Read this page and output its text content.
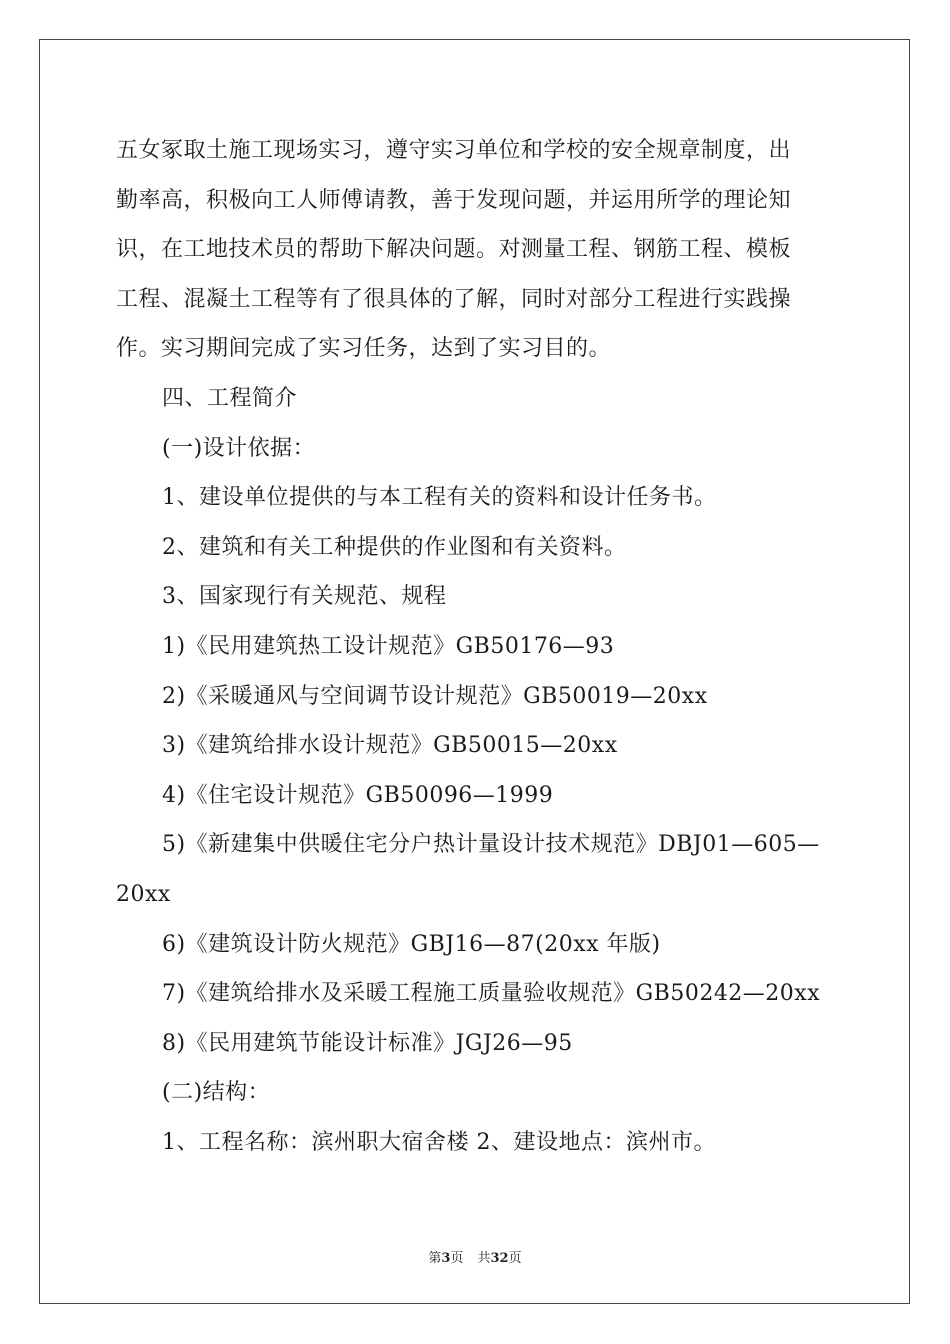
五女冢取土施工现场实习，遵守实习单位和学校的安全规章制度，出
勤率高，积极向工人师傅请教，善于发现问题，并运用所学的理论知
识，在工地技术员的帮助下解决问题。对测量工程、钢筋工程、模板
工程、混凝土工程等有了很具体的了解，同时对部分工程进行实践操
作。实习期间完成了实习任务，达到了实习目的。
四、工程简介
(一)设计依据：
1、建设单位提供的与本工程有关的资料和设计任务书。
2、建筑和有关工种提供的作业图和有关资料。
3、国家现行有关规范、规程
1)《民用建筑热工设计规范》GB50176—93
2)《采暖通风与空间调节设计规范》GB50019—20xx
3)《建筑给排水设计规范》GB50015—20xx
4)《住宅设计规范》GB50096—1999
5)《新建集中供暖住宅分户热计量设计技术规范》DBJ01—605—
20xx
6)《建筑设计防火规范》GBJ16—87(20xx 年版)
7)《建筑给排水及采暖工程施工质量验收规范》GB50242—20xx
8)《民用建筑节能设计标准》JGJ26—95
(二)结构：
1、工程名称：滨州职大宿舍楼 2、建设地点：滨州市。
第3页 共32页
